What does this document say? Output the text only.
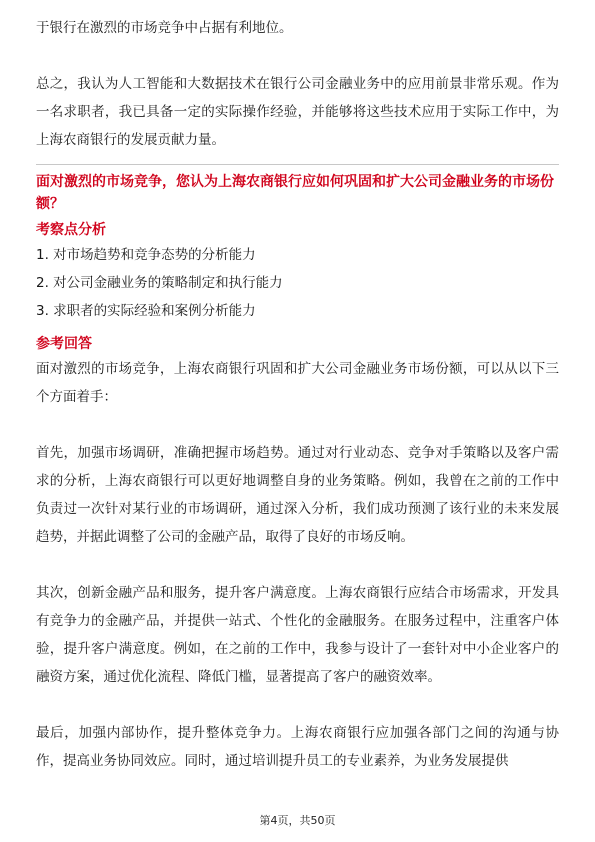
于银行在激烈的市场竞争中占据有利地位。

总之，我认为人工智能和大数据技术在银行公司金融业务中的应用前景非常乐观。作为一名求职者，我已具备一定的实际操作经验，并能够将这些技术应用于实际工作中，为上海农商银行的发展贡献力量。

面对激烈的市场竞争，您认为上海农商银行应如何巩固和扩大公司金融业务的市场份额？

考察点分析

1. 对市场趋势和竞争态势的分析能力

2. 对公司金融业务的策略制定和执行能力

3. 求职者的实际经验和案例分析能力

参考回答

面对激烈的市场竞争，上海农商银行巩固和扩大公司金融业务市场份额，可以从以下三个方面着手：

首先，加强市场调研，准确把握市场趋势。通过对行业动态、竞争对手策略以及客户需求的分析，上海农商银行可以更好地调整自身的业务策略。例如，我曾在之前的工作中负责过一次针对某行业的市场调研，通过深入分析，我们成功预测了该行业的未来发展趋势，并据此调整了公司的金融产品，取得了良好的市场反响。

其次，创新金融产品和服务，提升客户满意度。上海农商银行应结合市场需求，开发具有竞争力的金融产品，并提供一站式、个性化的金融服务。在服务过程中，注重客户体验，提升客户满意度。例如，在之前的工作中，我参与设计了一套针对中小企业客户的融资方案，通过优化流程、降低门槛，显著提高了客户的融资效率。

最后，加强内部协作，提升整体竞争力。上海农商银行应加强各部门之间的沟通与协作，提高业务协同效应。同时，通过培训提升员工的专业素养，为业务发展提供

第4页，共50页
